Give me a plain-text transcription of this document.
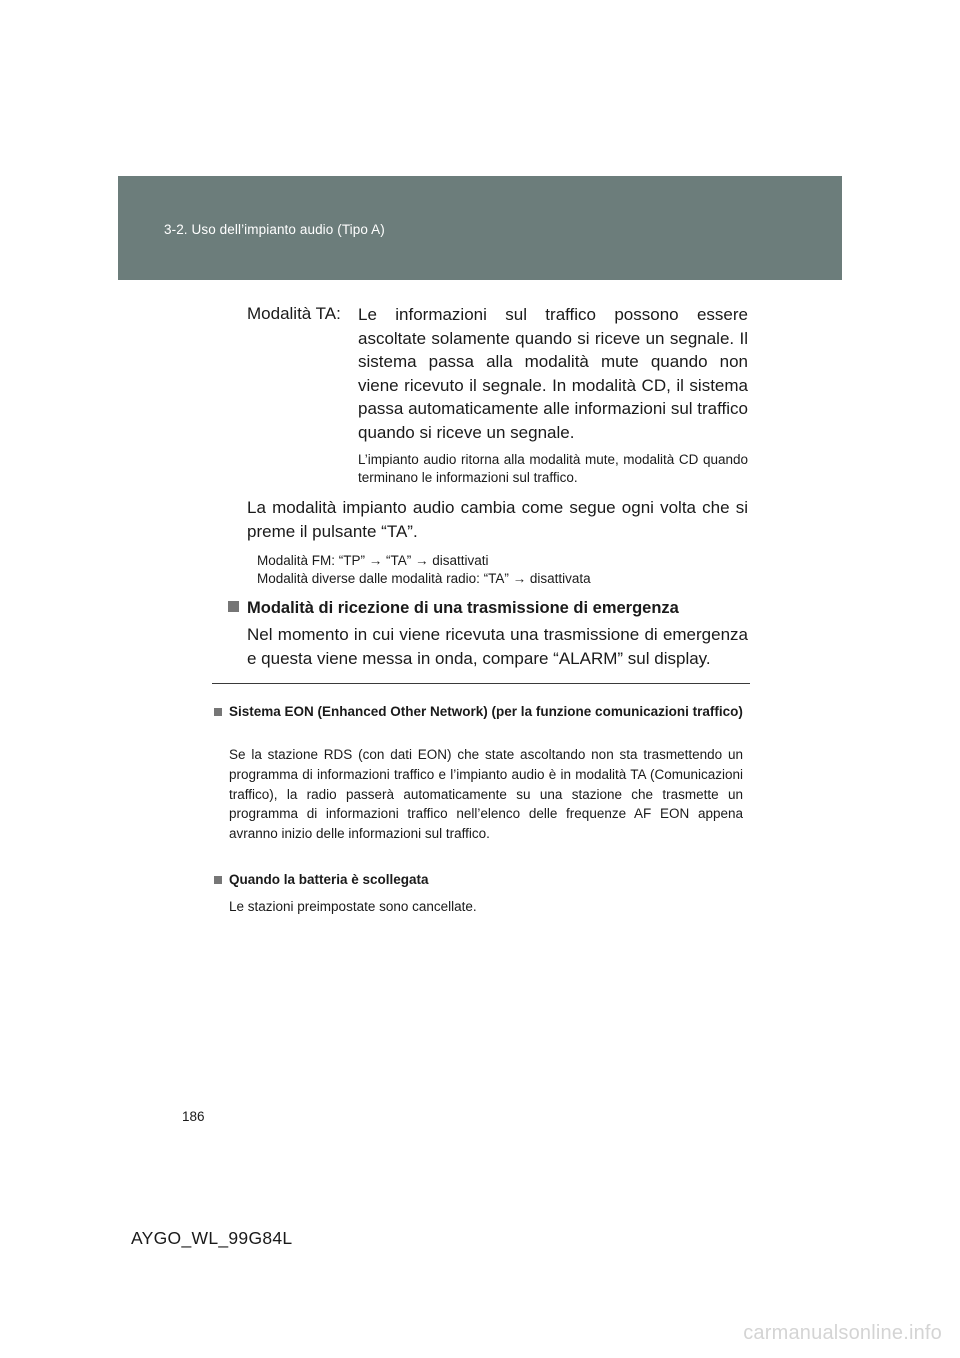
3-2. Uso dell’impianto audio (Tipo A)
Modalità TA: Le informazioni sul traffico possono essere ascoltate solamente quando si riceve un segnale. Il sistema passa alla modalità mute quando non viene ricevuto il segnale. In modalità CD, il sistema passa automaticamente alle informazioni sul traffico quando si riceve un segnale.

L’impianto audio ritorna alla modalità mute, modalità CD quando terminano le informazioni sul traffico.

La modalità impianto audio cambia come segue ogni volta che si preme il pulsante “TA”.

Modalità FM: “TP” → “TA” → disattivati
Modalità diverse dalle modalità radio: “TA” → disattivata
Modalità di ricezione di una trasmissione di emergenza

Nel momento in cui viene ricevuta una trasmissione di emergenza e questa viene messa in onda, compare “ALARM” sul display.

Sistema EON (Enhanced Other Network) (per la funzione comunicazioni traffico)

Se la stazione RDS (con dati EON) che state ascoltando non sta trasmettendo un programma di informazioni traffico e l’impianto audio è in modalità TA (Comunicazioni traffico), la radio passerà automaticamente su una stazione che trasmette un programma di informazioni traffico nell’elenco delle frequenze AF EON appena avranno inizio delle informazioni sul traffico.

Quando la batteria è scollegata
Le stazioni preimpostate sono cancellate.
186
AYGO_WL_99G84L
carmanualsonline.info
